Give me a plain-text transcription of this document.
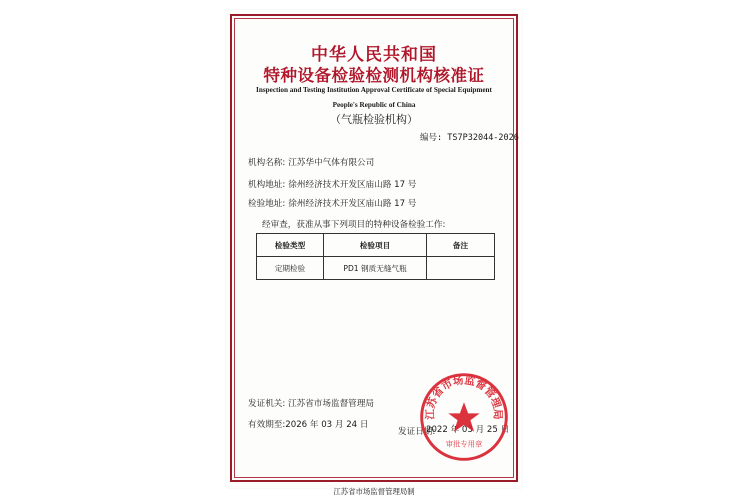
中华人民共和国
特种设备检验检测机构核准证
Inspection and Testing Institution Approval Certificate of Special Equipment
People's Republic of China
（气瓶检验机构）
编号: TS7P32044-2026
机构名称: 江苏华中气体有限公司
机构地址: 徐州经济技术开发区庙山路 17 号
检验地址: 徐州经济技术开发区庙山路 17 号
经审查，获准从事下列项目的特种设备检验工作:
检验类型	检验项目	备注
定期检验	PD1 钢质无缝气瓶	
发证机关: 江苏省市场监督管理局
有效期至:2026 年 03 月 24 日
发证日期:
2022 年 03 月 25 日
江苏省市场监督管理局
审批专用章
江苏省市场监督管理局制
